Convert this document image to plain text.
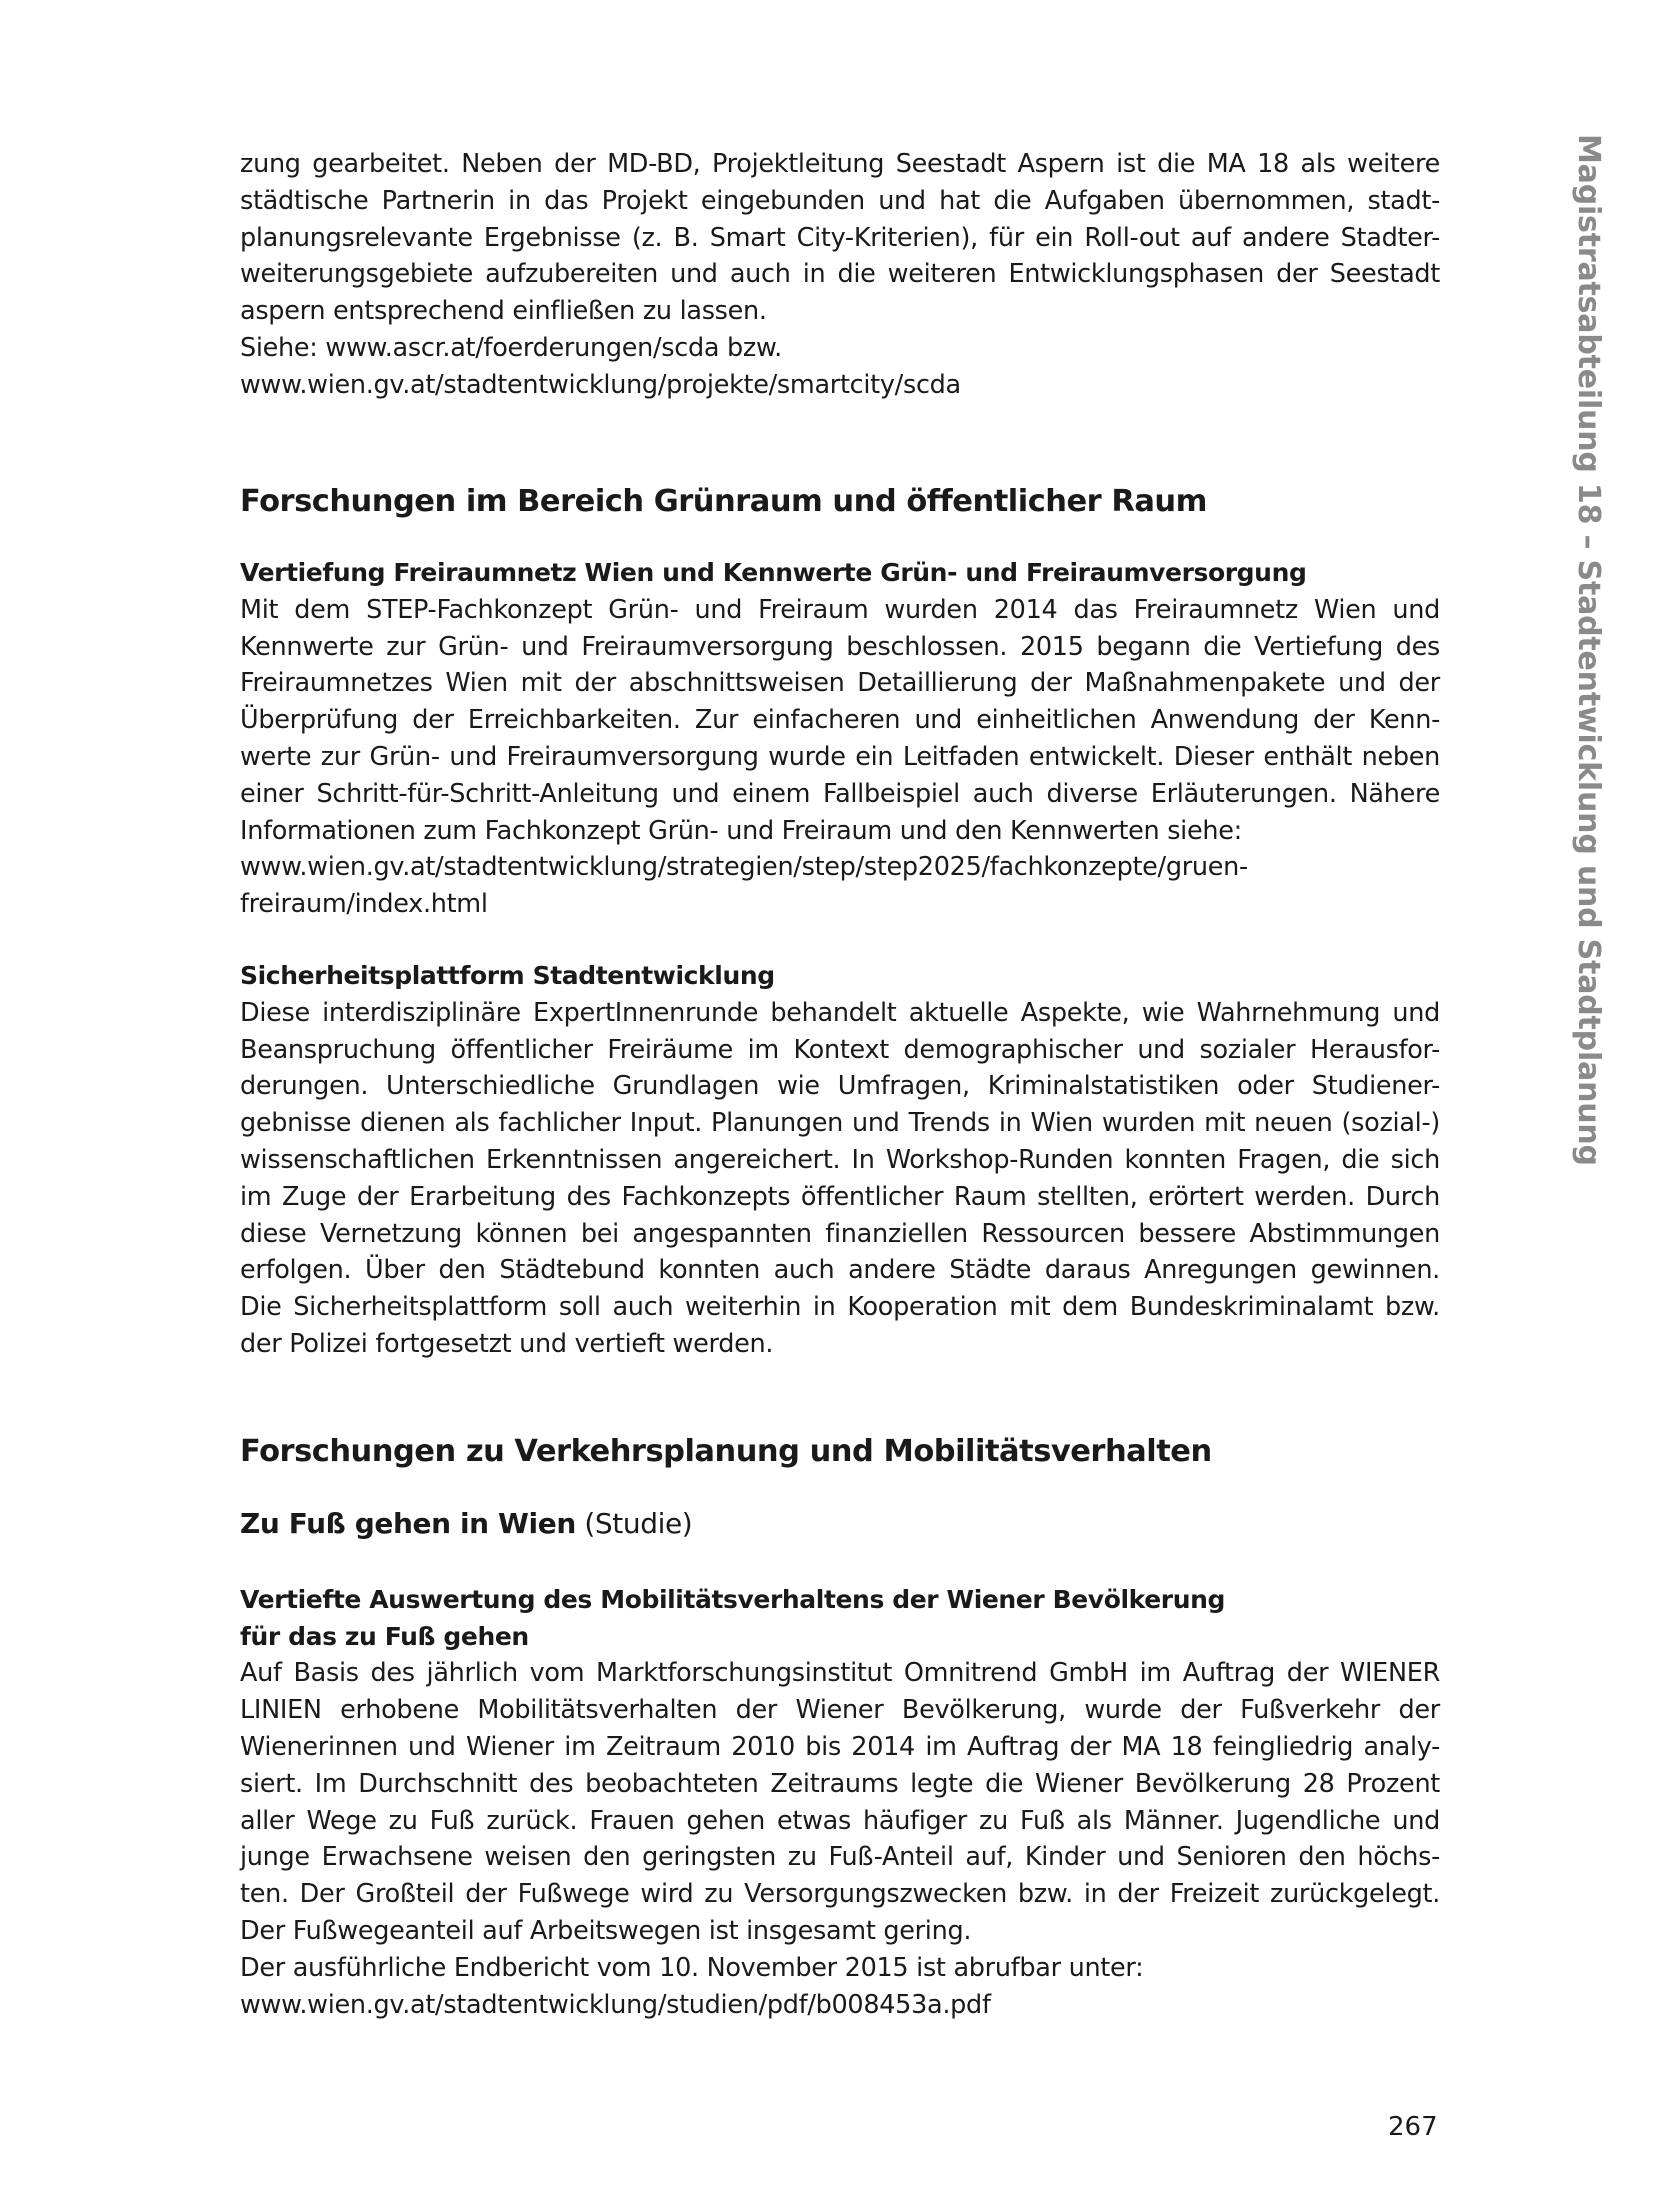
Magistratsabteilung 18 – Stadtentwicklung und Stadtplanung
zung gearbeitet. Neben der MD-BD, Projektleitung Seestadt Aspern ist die MA 18 als weitere
städtische Partnerin in das Projekt eingebunden und hat die Aufgaben übernommen, stadt-
planungsrelevante Ergebnisse (z. B. Smart City-Kriterien), für ein Roll-out auf andere Stadter-
weiterungsgebiete aufzubereiten und auch in die weiteren Entwicklungsphasen der Seestadt
aspern entsprechend einfließen zu lassen.
Siehe: www.ascr.at/foerderungen/scda bzw.
www.wien.gv.at/stadtentwicklung/projekte/smartcity/scda
Forschungen im Bereich Grünraum und öffentlicher Raum
Vertiefung Freiraumnetz Wien und Kennwerte Grün- und Freiraumversorgung
Mit dem STEP-Fachkonzept Grün- und Freiraum wurden 2014 das Freiraumnetz Wien und
Kennwerte zur Grün- und Freiraumversorgung beschlossen. 2015 begann die Vertiefung des
Freiraumnetzes Wien mit der abschnittsweisen Detaillierung der Maßnahmenpakete und der
Überprüfung der Erreichbarkeiten. Zur einfacheren und einheitlichen Anwendung der Kenn-
werte zur Grün- und Freiraumversorgung wurde ein Leitfaden entwickelt. Dieser enthält neben
einer Schritt-für-Schritt-Anleitung und einem Fallbeispiel auch diverse Erläuterungen. Nähere
Informationen zum Fachkonzept Grün- und Freiraum und den Kennwerten siehe:
www.wien.gv.at/stadtentwicklung/strategien/step/step2025/fachkonzepte/gruen-
freiraum/index.html
Sicherheitsplattform Stadtentwicklung
Diese interdisziplinäre ExpertInnenrunde behandelt aktuelle Aspekte, wie Wahrnehmung und
Beanspruchung öffentlicher Freiräume im Kontext demographischer und sozialer Herausfor-
derungen. Unterschiedliche Grundlagen wie Umfragen, Kriminalstatistiken oder Studiener-
gebnisse dienen als fachlicher Input. Planungen und Trends in Wien wurden mit neuen (sozial-)
wissenschaftlichen Erkenntnissen angereichert. In Workshop-Runden konnten Fragen, die sich
im Zuge der Erarbeitung des Fachkonzepts öffentlicher Raum stellten, erörtert werden. Durch
diese Vernetzung können bei angespannten finanziellen Ressourcen bessere Abstimmungen
erfolgen. Über den Städtebund konnten auch andere Städte daraus Anregungen gewinnen.
Die Sicherheitsplattform soll auch weiterhin in Kooperation mit dem Bundeskriminalamt bzw.
der Polizei fortgesetzt und vertieft werden.
Forschungen zu Verkehrsplanung und Mobilitätsverhalten
Zu Fuß gehen in Wien (Studie)
Vertiefte Auswertung des Mobilitätsverhaltens der Wiener Bevölkerung
für das zu Fuß gehen
Auf Basis des jährlich vom Marktforschungsinstitut Omnitrend GmbH im Auftrag der WIENER
LINIEN erhobene Mobilitätsverhalten der Wiener Bevölkerung, wurde der Fußverkehr der
Wienerinnen und Wiener im Zeitraum 2010 bis 2014 im Auftrag der MA 18 feingliedrig analy-
siert. Im Durchschnitt des beobachteten Zeitraums legte die Wiener Bevölkerung 28 Prozent
aller Wege zu Fuß zurück. Frauen gehen etwas häufiger zu Fuß als Männer. Jugendliche und
junge Erwachsene weisen den geringsten zu Fuß-Anteil auf, Kinder und Senioren den höchs-
ten. Der Großteil der Fußwege wird zu Versorgungszwecken bzw. in der Freizeit zurückgelegt.
Der Fußwegeanteil auf Arbeitswegen ist insgesamt gering.
Der ausführliche Endbericht vom 10. November 2015 ist abrufbar unter:
www.wien.gv.at/stadtentwicklung/studien/pdf/b008453a.pdf
267
